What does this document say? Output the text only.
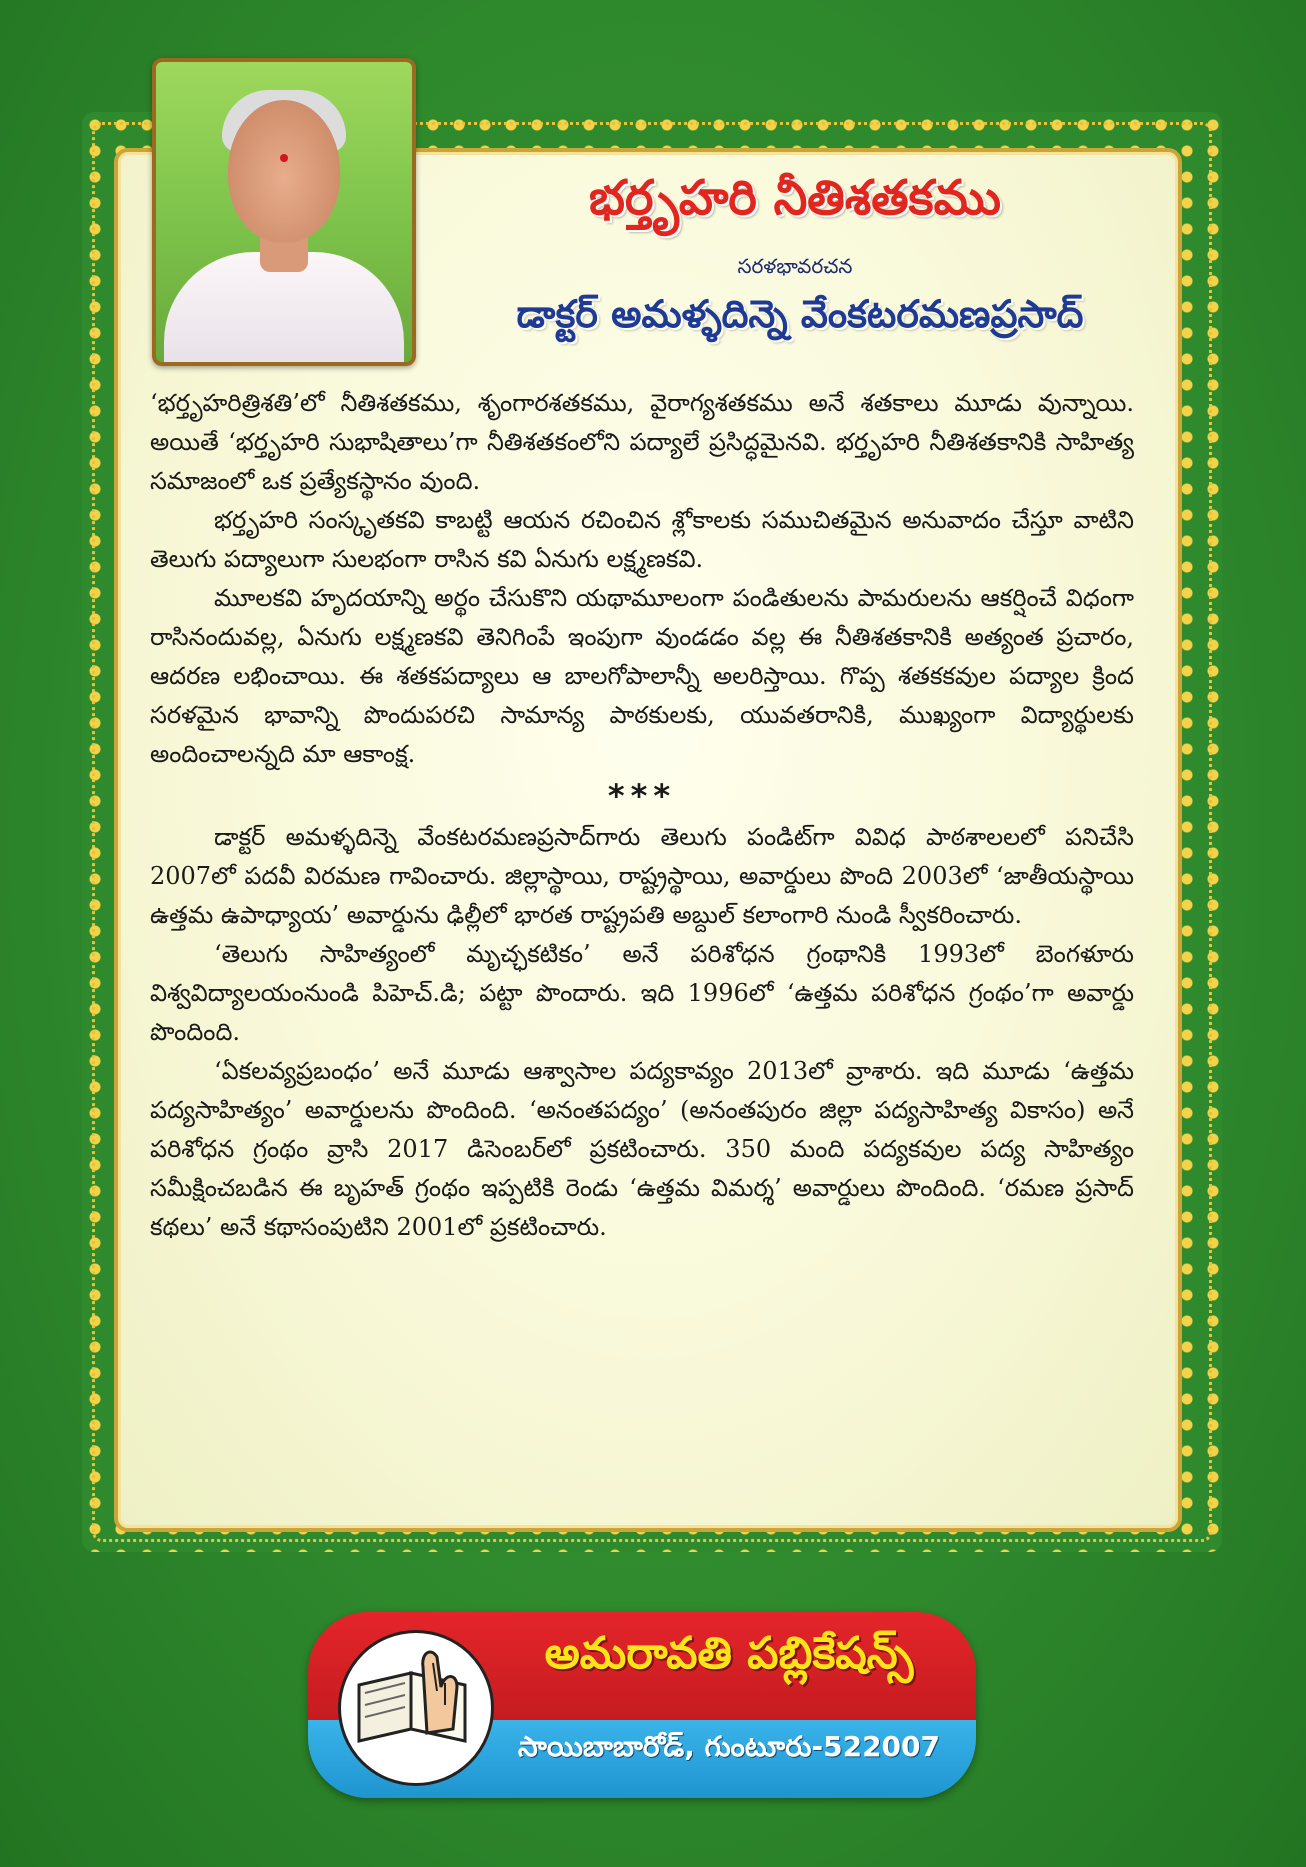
భర్తృహరి నీతిశతకము
సరళభావరచన
డాక్టర్ అమళ్ళదిన్నె వేంకటరమణప్రసాద్

‘భర్తృహరిత్రిశతి’లో నీతిశతకము, శృంగారశతకము, వైరాగ్యశతకము అనే శతకాలు మూడు వున్నాయి. అయితే ‘భర్తృహరి సుభాషితాలు’గా నీతిశతకంలోని పద్యాలే ప్రసిద్ధమైనవి. భర్తృహరి నీతిశతకానికి సాహిత్య సమాజంలో ఒక ప్రత్యేకస్థానం వుంది.

భర్తృహరి సంస్కృతకవి కాబట్టి ఆయన రచించిన శ్లోకాలకు సముచితమైన అనువాదం చేస్తూ వాటిని తెలుగు పద్యాలుగా సులభంగా రాసిన కవి ఏనుగు లక్ష్మణకవి.

మూలకవి హృదయాన్ని అర్థం చేసుకొని యథామూలంగా పండితులను పామరులను ఆకర్షించే విధంగా రాసినందువల్ల, ఏనుగు లక్ష్మణకవి తెనిగింపే ఇంపుగా వుండడం వల్ల ఈ నీతిశతకానికి అత్యంత ప్రచారం, ఆదరణ లభించాయి. ఈ శతకపద్యాలు ఆ బాలగోపాలాన్నీ అలరిస్తాయి. గొప్ప శతకకవుల పద్యాల క్రింద సరళమైన భావాన్ని పొందుపరచి సామాన్య పాఠకులకు, యువతరానికి, ముఖ్యంగా విద్యార్థులకు అందించాలన్నది మా ఆకాంక్ష.

***

డాక్టర్ అమళ్ళదిన్నె వేంకటరమణప్రసాద్‌గారు తెలుగు పండిట్‌గా వివిధ పాఠశాలలలో పనిచేసి 2007లో పదవీ విరమణ గావించారు. జిల్లాస్థాయి, రాష్ట్రస్థాయి, అవార్డులు పొంది 2003లో ‘జాతీయస్థాయి ఉత్తమ ఉపాధ్యాయ’ అవార్డును ఢిల్లీలో భారత రాష్ట్రపతి అబ్దుల్ కలాంగారి నుండి స్వీకరించారు.

‘తెలుగు సాహిత్యంలో మృచ్ఛకటికం’ అనే పరిశోధన గ్రంథానికి 1993లో బెంగళూరు విశ్వవిద్యాలయంనుండి పిహెచ్.డి; పట్టా పొందారు. ఇది 1996లో ‘ఉత్తమ పరిశోధన గ్రంథం’గా అవార్డు పొందింది.

‘ఏకలవ్యప్రబంధం’ అనే మూడు ఆశ్వాసాల పద్యకావ్యం 2013లో వ్రాశారు. ఇది మూడు ‘ఉత్తమ పద్యసాహిత్యం’ అవార్డులను పొందింది. ‘అనంతపద్యం’ (అనంతపురం జిల్లా పద్యసాహిత్య వికాసం) అనే పరిశోధన గ్రంథం వ్రాసి 2017 డిసెంబర్‌లో ప్రకటించారు. 350 మంది పద్యకవుల పద్య సాహిత్యం సమీక్షించబడిన ఈ బృహత్ గ్రంథం ఇప్పటికి రెండు ‘ఉత్తమ విమర్శ’ అవార్డులు పొందింది. ‘రమణ ప్రసాద్ కథలు’ అనే కథాసంపుటిని 2001లో ప్రకటించారు.

అమరావతి పబ్లికేషన్స్
సాయిబాబారోడ్, గుంటూరు-522007
